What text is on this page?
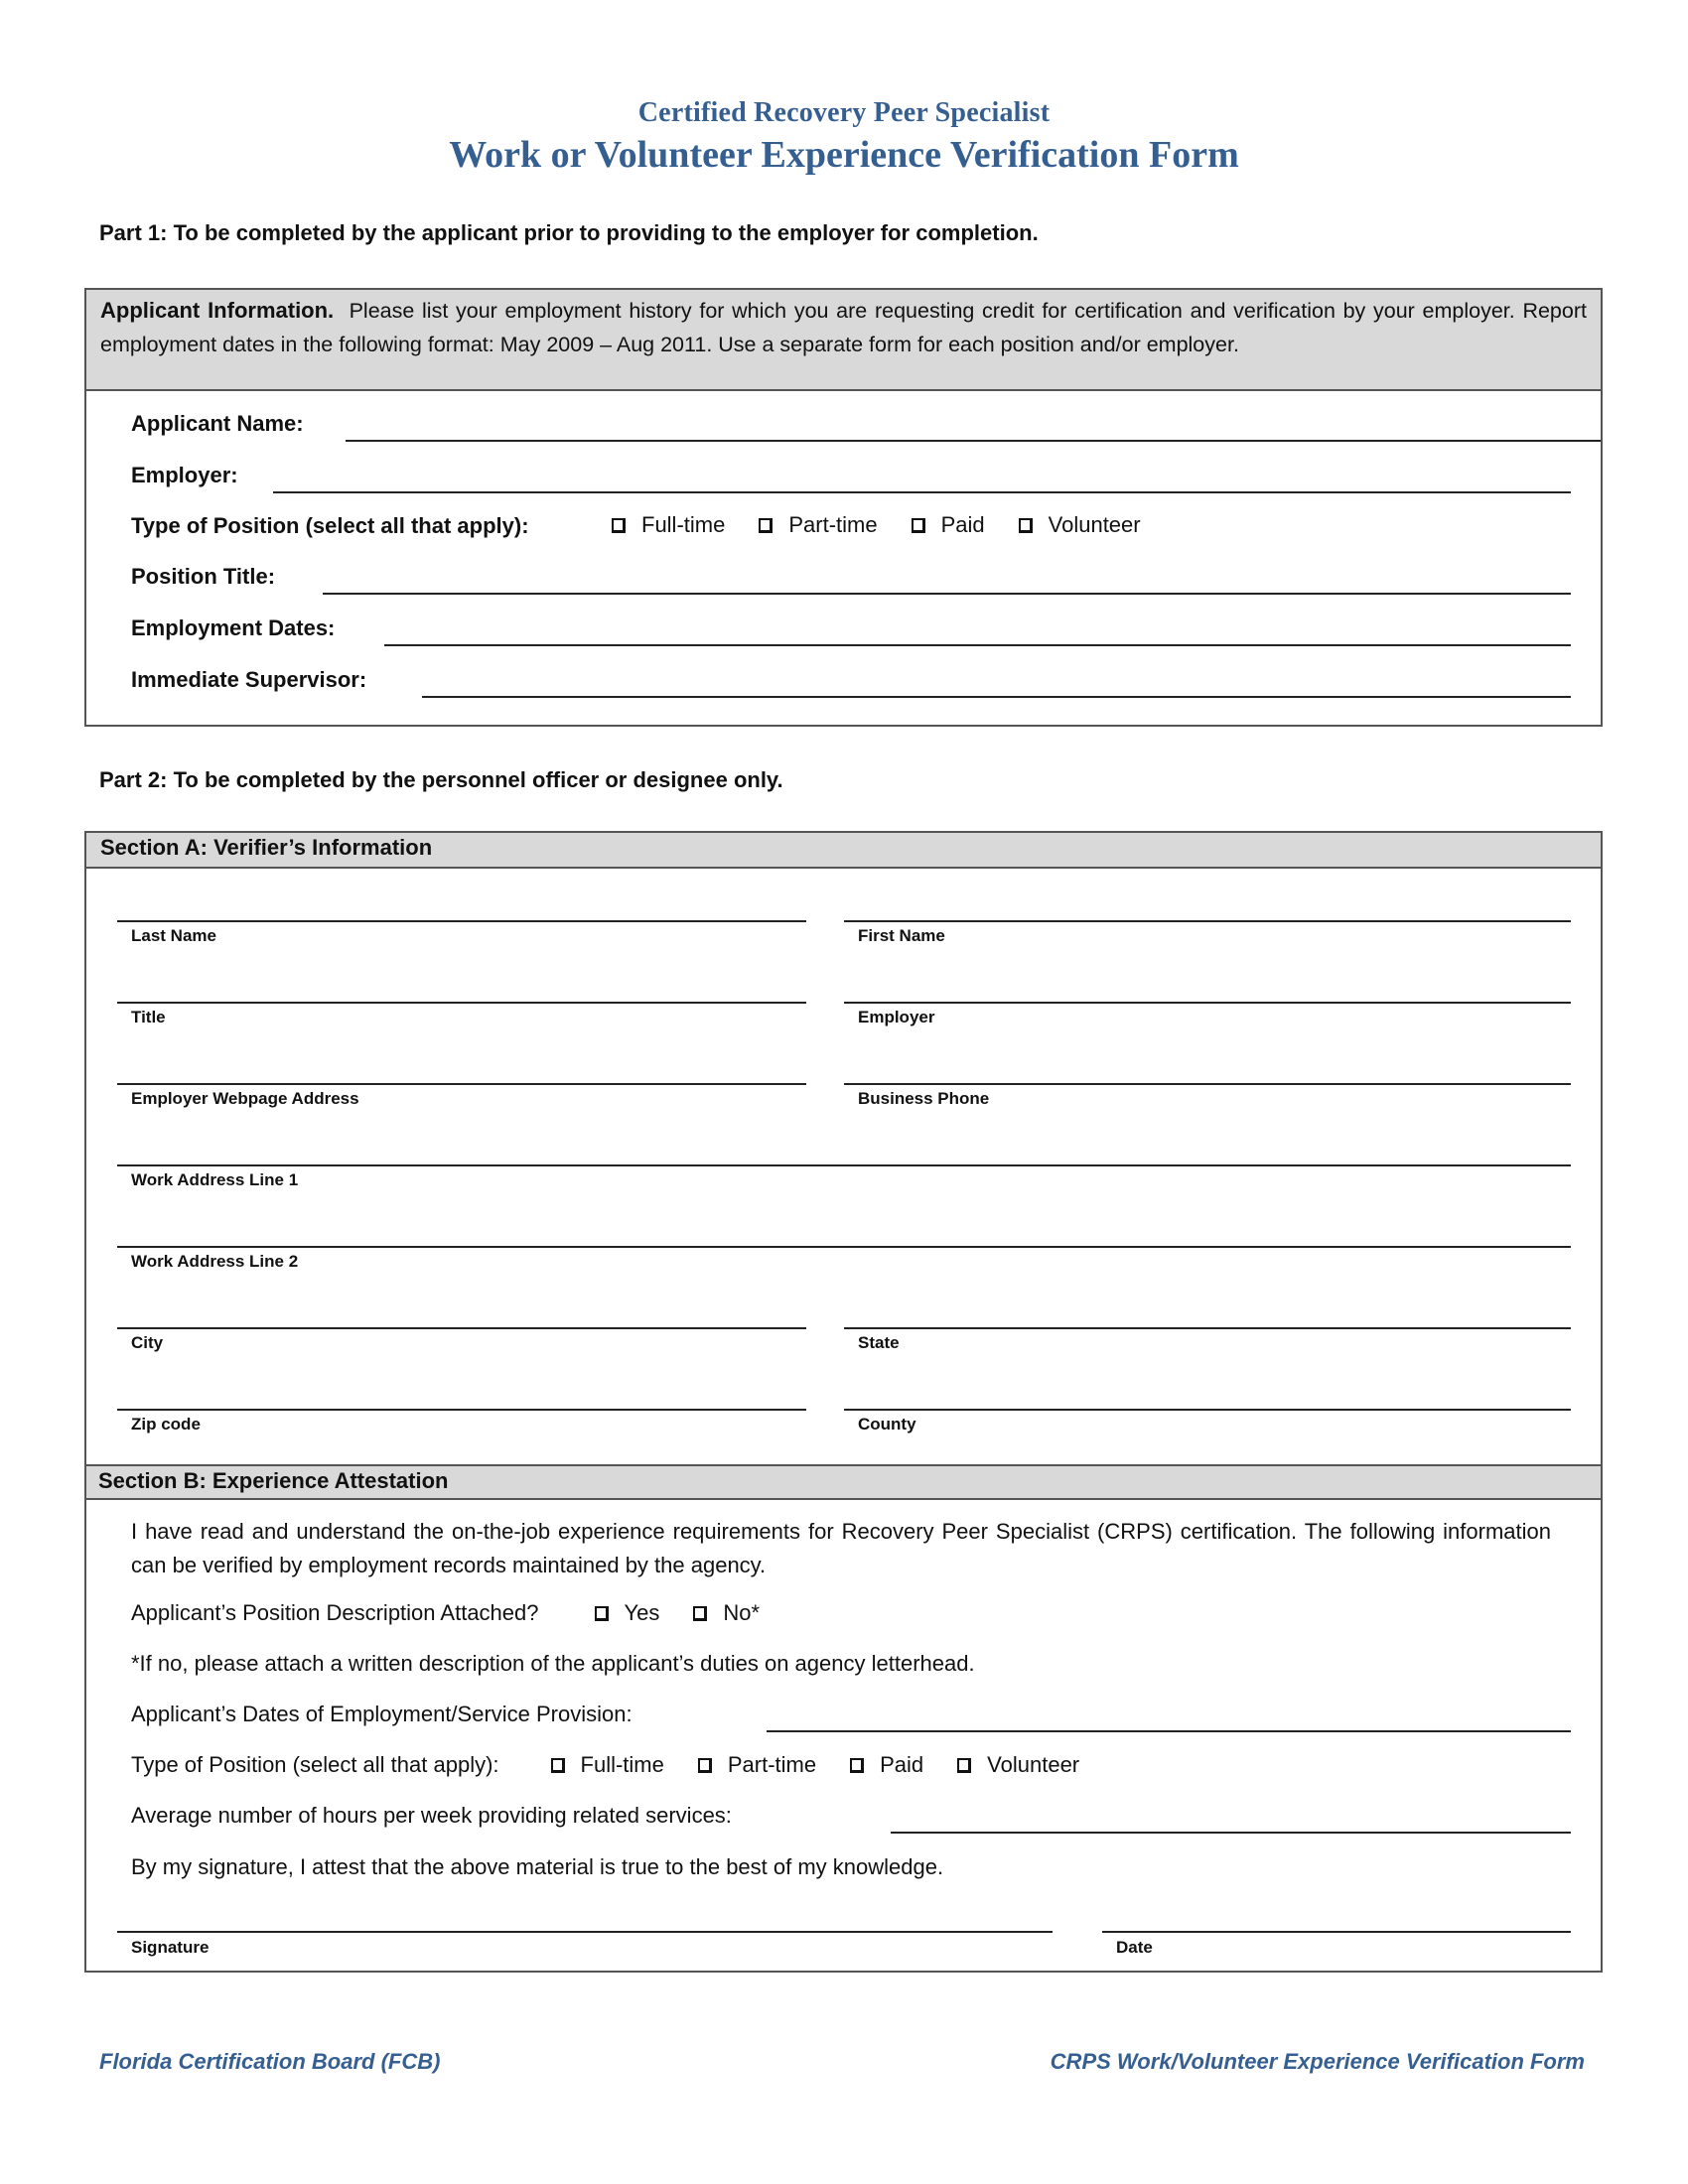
Certified Recovery Peer Specialist
Work or Volunteer Experience Verification Form
Part 1: To be completed by the applicant prior to providing to the employer for completion.
Applicant Information. Please list your employment history for which you are requesting credit for certification and verification by your employer. Report employment dates in the following format: May 2009 – Aug 2011. Use a separate form for each position and/or employer.
Applicant Name:
Employer:
Type of Position (select all that apply):	Full-time	Part-time	Paid	Volunteer
Position Title:
Employment Dates:
Immediate Supervisor:
Part 2: To be completed by the personnel officer or designee only.
Section A: Verifier’s Information
Last Name	First Name
Title	Employer
Employer Webpage Address	Business Phone
Work Address Line 1
Work Address Line 2
City	State
Zip code	County
Section B: Experience Attestation
I have read and understand the on-the-job experience requirements for Recovery Peer Specialist (CRPS) certification. The following information can be verified by employment records maintained by the agency.
Applicant’s Position Description Attached?	Yes	No*
*If no, please attach a written description of the applicant’s duties on agency letterhead.
Applicant’s Dates of Employment/Service Provision:
Type of Position (select all that apply):	Full-time	Part-time	Paid	Volunteer
Average number of hours per week providing related services:
By my signature, I attest that the above material is true to the best of my knowledge.
Signature	Date
Florida Certification Board (FCB)	CRPS Work/Volunteer Experience Verification Form
